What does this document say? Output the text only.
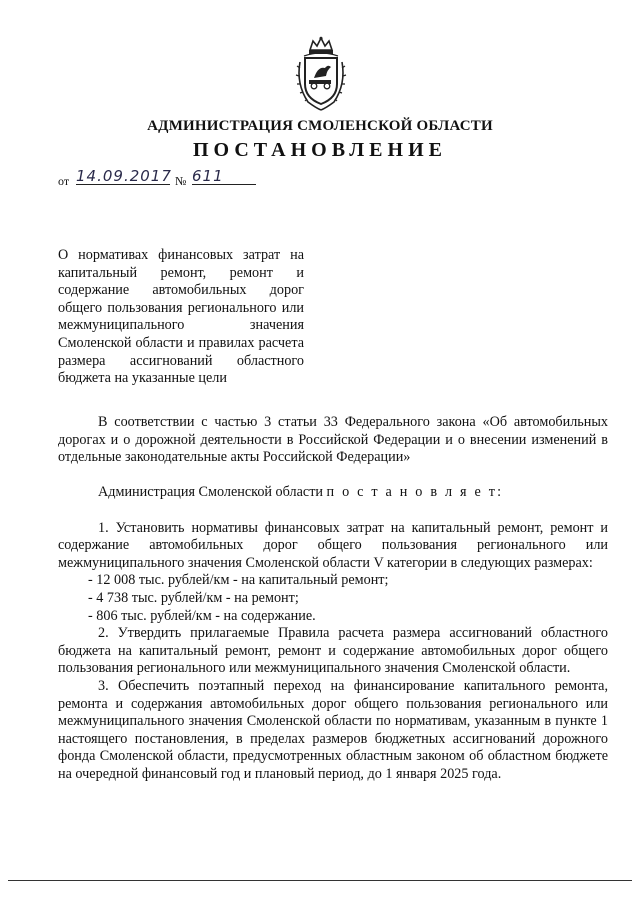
АДМИНИСТРАЦИЯ СМОЛЕНСКОЙ ОБЛАСТИ
ПОСТАНОВЛЕНИЕ
от 14.09.2017 № 611
О нормативах финансовых затрат на капитальный ремонт, ремонт и содержание автомобильных дорог общего пользования регионального или межмуниципального значения Смоленской области и правилах расчета размера ассигнований областного бюджета на указанные цели

В соответствии с частью 3 статьи 33 Федерального закона «Об автомобильных дорогах и о дорожной деятельности в Российской Федерации и о внесении изменений в отдельные законодательные акты Российской Федерации»

Администрация Смоленской области п о с т а н о в л я е т:

1. Установить нормативы финансовых затрат на капитальный ремонт, ремонт и содержание автомобильных дорог общего пользования регионального или межмуниципального значения Смоленской области V категории в следующих размерах:

- 12 008 тыс. рублей/км - на капитальный ремонт;

- 4 738 тыс. рублей/км - на ремонт;

- 806 тыс. рублей/км - на содержание.

2. Утвердить прилагаемые Правила расчета размера ассигнований областного бюджета на капитальный ремонт, ремонт и содержание автомобильных дорог общего пользования регионального или межмуниципального значения Смоленской области.

3. Обеспечить поэтапный переход на финансирование капитального ремонта, ремонта и содержания автомобильных дорог общего пользования регионального или межмуниципального значения Смоленской области по нормативам, указанным в пункте 1 настоящего постановления, в пределах размеров бюджетных ассигнований дорожного фонда Смоленской области, предусмотренных областным законом об областном бюджете на очередной финансовый год и плановый период, до 1 января 2025 года.
